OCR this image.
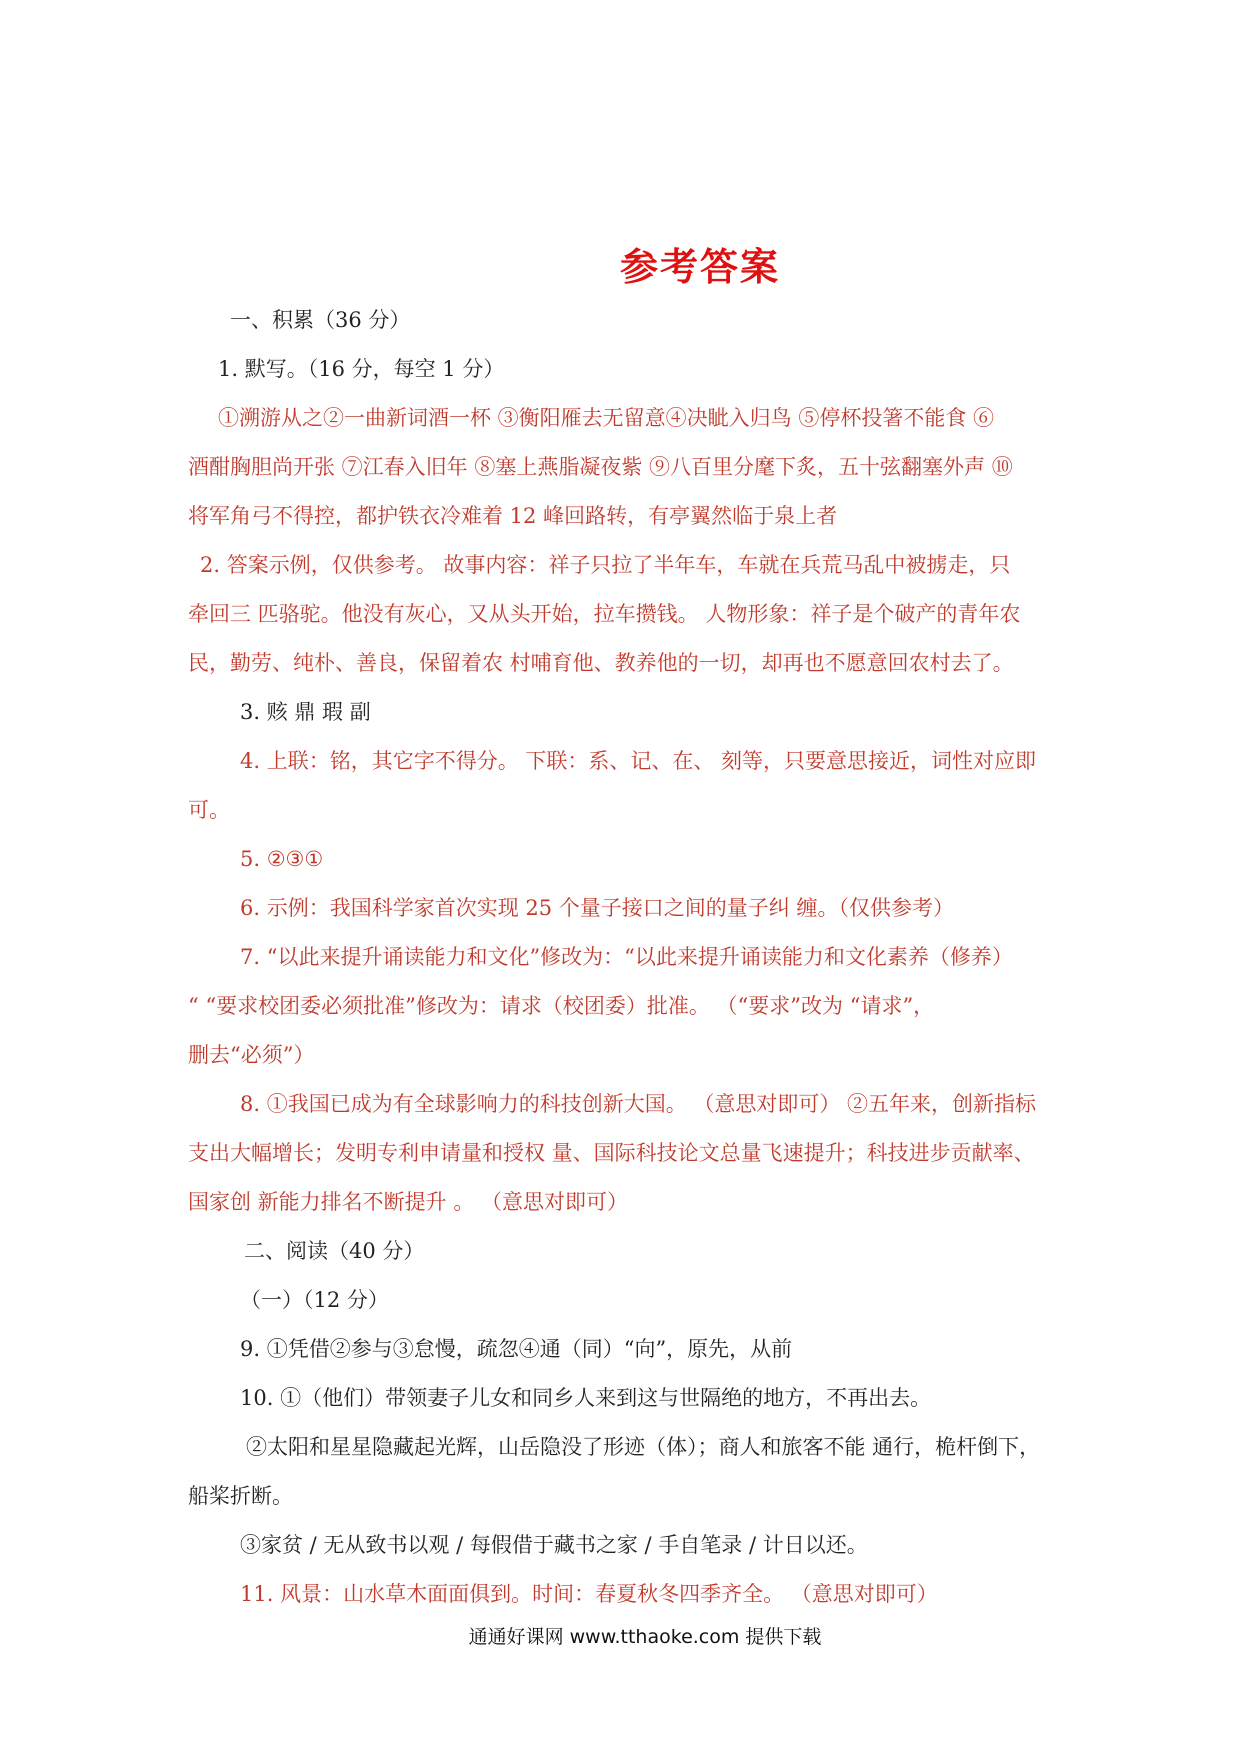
参考答案
一、积累（36 分）
1. 默写。（16 分，每空 1 分）
①溯游从之②一曲新词酒一杯 ③衡阳雁去无留意④决眦入归鸟 ⑤停杯投箸不能食 ⑥
酒酣胸胆尚开张 ⑦江春入旧年 ⑧塞上燕脂凝夜紫 ⑨八百里分麾下炙，五十弦翻塞外声 ⑩
将军角弓不得控，都护铁衣冷难着 12 峰回路转，有亭翼然临于泉上者
2. 答案示例，仅供参考。 故事内容：祥子只拉了半年车，车就在兵荒马乱中被掳走，只
牵回三 匹骆驼。他没有灰心，又从头开始，拉车攒钱。 人物形象：祥子是个破产的青年农
民，勤劳、纯朴、善良，保留着农 村哺育他、教养他的一切，却再也不愿意回农村去了。
3. 赅 鼎 瑕 副
4. 上联：铭，其它字不得分。 下联：系、记、在、 刻等，只要意思接近，词性对应即
可。
5. ②③①
6. 示例：我国科学家首次实现 25 个量子接口之间的量子纠 缠。（仅供参考）
7. “以此来提升诵读能力和文化”修改为：“以此来提升诵读能力和文化素养（修养）
“ “要求校团委必须批准”修改为：请求（校团委）批准。 （“要求”改为 “请求”，
删去“必须”）
8. ①我国已成为有全球影响力的科技创新大国。 （意思对即可） ②五年来，创新指标
支出大幅增长；发明专利申请量和授权 量、国际科技论文总量飞速提升；科技进步贡献率、
国家创 新能力排名不断提升 。 （意思对即可）
二、阅读（40 分）
（一）（12 分）
9. ①凭借②参与③怠慢，疏忽④通（同）“向”，原先，从前
10. ①（他们）带领妻子儿女和同乡人来到这与世隔绝的地方，不再出去。
②太阳和星星隐藏起光辉，山岳隐没了形迹（体）；商人和旅客不能 通行，桅杆倒下，
船桨折断。
③家贫 / 无从致书以观 / 每假借于藏书之家 / 手自笔录 / 计日以还。
11. 风景：山水草木面面俱到。时间：春夏秋冬四季齐全。 （意思对即可）
通通好课网 www.tthaoke.com 提供下载
